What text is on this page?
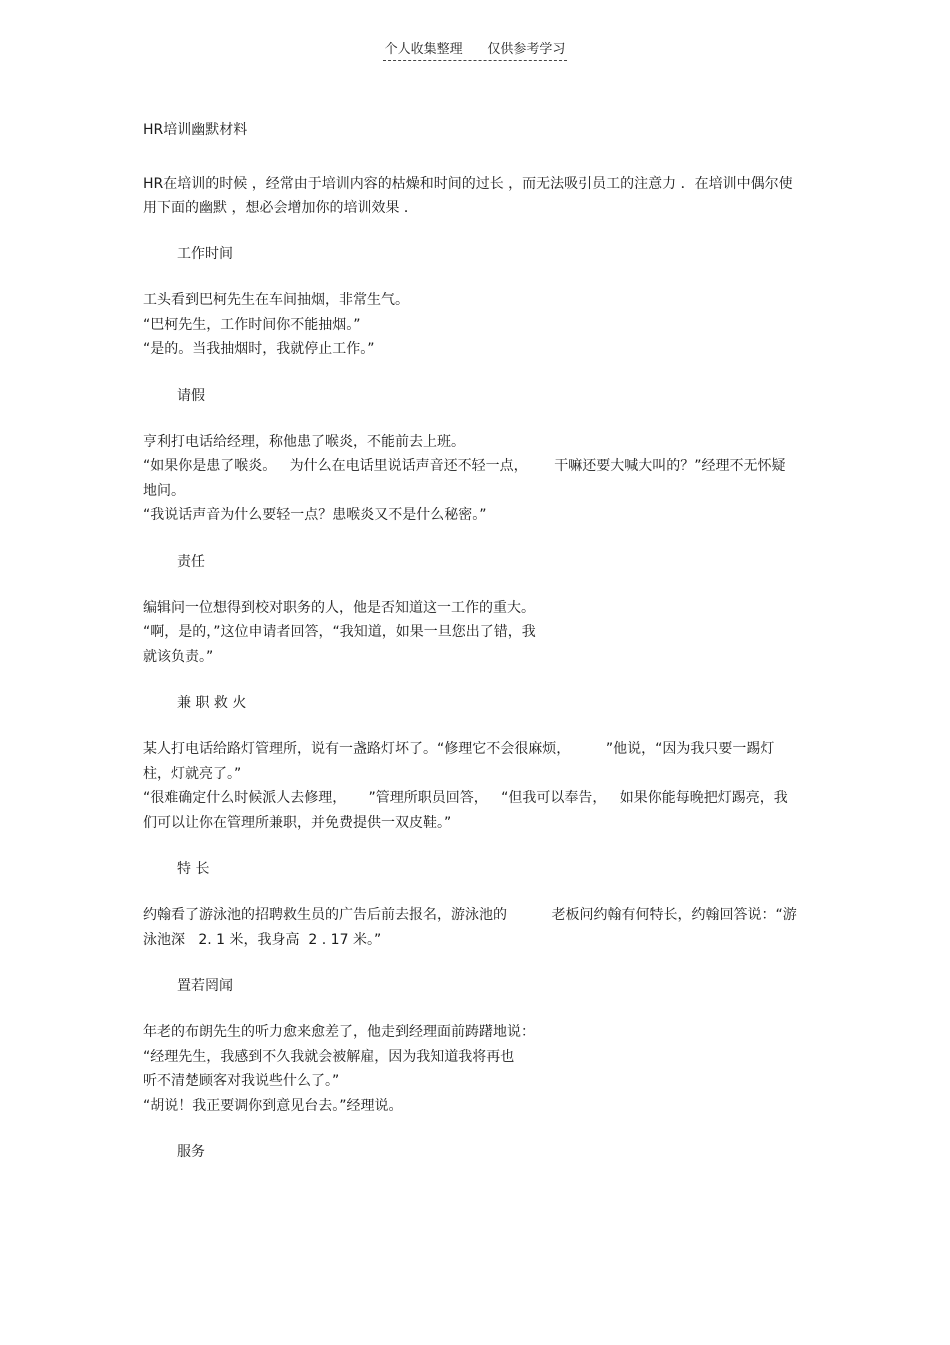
个人收集整理      仅供参考学习
HR培训幽默材料

HR在培训的时候 ，经常由于培训内容的枯燥和时间的过长 ，而无法吸引员工的注意力 ．在培训中偶尔使用下面的幽默 ，想必会增加你的培训效果 ．

工作时间

工头看到巴柯先生在车间抽烟，非常生气。

“巴柯先生，工作时间你不能抽烟。”

“是的。当我抽烟时，我就停止工作。”

请假

亨利打电话给经理，称他患了喉炎，不能前去上班。

“如果你是患了喉炎。   为什么在电话里说话声音还不轻一点，      干嘛还要大喊大叫的？”经理不无怀疑地问。

“我说话声音为什么要轻一点？患喉炎又不是什么秘密。”

责任

编辑问一位想得到校对职务的人，他是否知道这一工作的重大。

“啊，是的，”这位申请者回答，“我知道，如果一旦您出了错，我

就该负责。”

兼 职 救 火

某人打电话给路灯管理所，说有一盏路灯坏了。“修理它不会很麻烦，        ”他说，“因为我只要一踢灯柱，灯就亮了。”

“很难确定什么时候派人去修理，     ”管理所职员回答，   “但我可以奉告，   如果你能每晚把灯踢亮，我们可以让你在管理所兼职，并免费提供一双皮鞋。”

特 长

约翰看了游泳池的招聘救生员的广告后前去报名，游泳池的          老板问约翰有何特长，约翰回答说：“游泳池深   2. 1 米，我身高  2 . 17 米。”

置若罔闻

年老的布朗先生的听力愈来愈差了，他走到经理面前踌躇地说：

“经理先生，我感到不久我就会被解雇，因为我知道我将再也

听不清楚顾客对我说些什么了。”

“胡说！我正要调你到意见台去。”经理说。

服务
